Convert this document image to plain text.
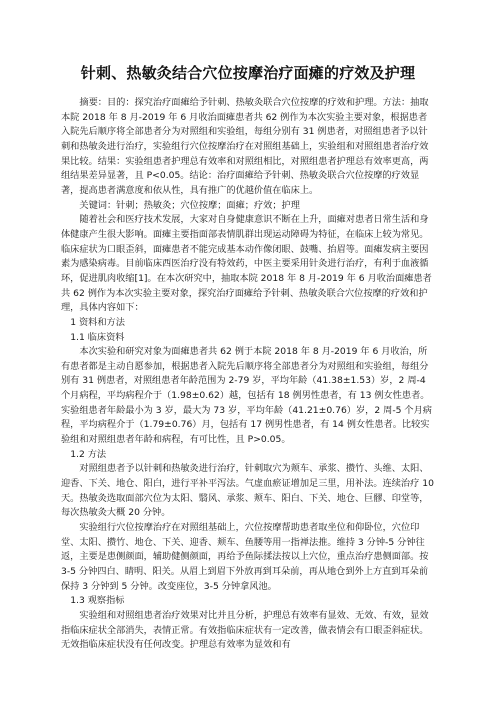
针刺、热敏灸结合穴位按摩治疗面瘫的疗效及护理

摘要：目的：探究治疗面瘫给予针刺、热敏灸联合穴位按摩的疗效和护理。方法：抽取本院 2018 年 8 月-2019 年 6 月收治面瘫患者共 62 例作为本次实验主要对象，根据患者入院先后顺序将全部患者分为对照组和实验组，每组分别有 31 例患者，对照组患者予以针刺和热敏灸进行治疗，实验组行穴位按摩治疗在对照组基础上，实验组和对照组患者治疗效果比较。结果：实验组患者护理总有效率和对照组相比，对照组患者护理总有效率更高，两组结果差异显著，且 P<0.05。结论：治疗面瘫给予针刺、热敏灸联合穴位按摩的疗效显著，提高患者满意度和依从性，具有推广的优越价值在临床上。

关键词：针刺；热敏灸；穴位按摩；面瘫；疗效；护理

随着社会和医疗技术发展，大家对自身健康意识不断在上升，面瘫对患者日常生活和身体健康产生很大影响。面瘫主要指面部表情肌群出现运动障碍为特征，在临床上较为常见。临床症状为口眼歪斜，面瘫患者不能完成基本动作像闭眼、鼓嘴、抬眉等。面瘫发病主要因素为感染病毒。目前临床西医治疗没有特效药，中医主要采用针灸进行治疗，有利于血液循环，促进肌肉收缩[1]。在本次研究中，抽取本院 2018 年 8 月-2019 年 6 月收治面瘫患者共 62 例作为本次实验主要对象，探究治疗面瘫给予针刺、热敏灸联合穴位按摩的疗效和护理，具体内容如下：

1 资料和方法

1.1 临床资料

本次实验和研究对象为面瘫患者共 62 例于本院 2018 年 8 月-2019 年 6 月收治，所有患者都是主动自愿参加，根据患者入院先后顺序将全部患者分为对照组和实验组，每组分别有 31 例患者，对照组患者年龄范围为 2-79 岁，平均年龄（41.38±1.53）岁，2 周-4 个月病程，平均病程介于（1.98±0.62）越，包括有 18 例男性患者，有 13 例女性患者。实验组患者年龄最小为 3 岁，最大为 73 岁，平均年龄（41.21±0.76）岁，2 周-5 个月病程，平均病程介于（1.79±0.76）月，包括有 17 例男性患者，有 14 例女性患者。比较实验组和对照组患者年龄和病程，有可比性，且 P>0.05。

1.2 方法

对照组患者予以针刺和热敏灸进行治疗，针刺取穴为颊车、承浆、攒竹、头维、太阳、迎香、下关、地仓、阳白，进行平补平泻法。气虚血瘀证增加足三里，用补法。连续治疗 10 天。热敏灸选取面部穴位为太阳、翳风、承浆、颊车、阳白、下关、地仓、巨髎、印堂等，每次热敏灸大概 20 分钟。

实验组行穴位按摩治疗在对照组基础上，穴位按摩帮助患者取坐位和仰卧位，穴位印堂、太阳、攒竹、地仓、下关、迎香、颊车、鱼腰等用一指禅法推。维持 3 分钟-5 分钟往返，主要是患侧颜面，辅助健侧颜面，再给予鱼际揉法按以上穴位，重点治疗患侧面部。按 3-5 分钟四白、睛明、阳关。从眉上到眉下外放再到耳朵前，再从地仓到外上方直到耳朵前保持 3 分钟到 5 分钟。改变座位，3-5 分钟拿风池。

1.3 观察指标

实验组和对照组患者治疗效果对比并且分析，护理总有效率有显效、无效、有效，显效指临床症状全部消失，表情正常。有效指临床症状有一定改善，做表情会有口眼歪斜症状。无效指临床症状没有任何改变。护理总有效率为显效和有
